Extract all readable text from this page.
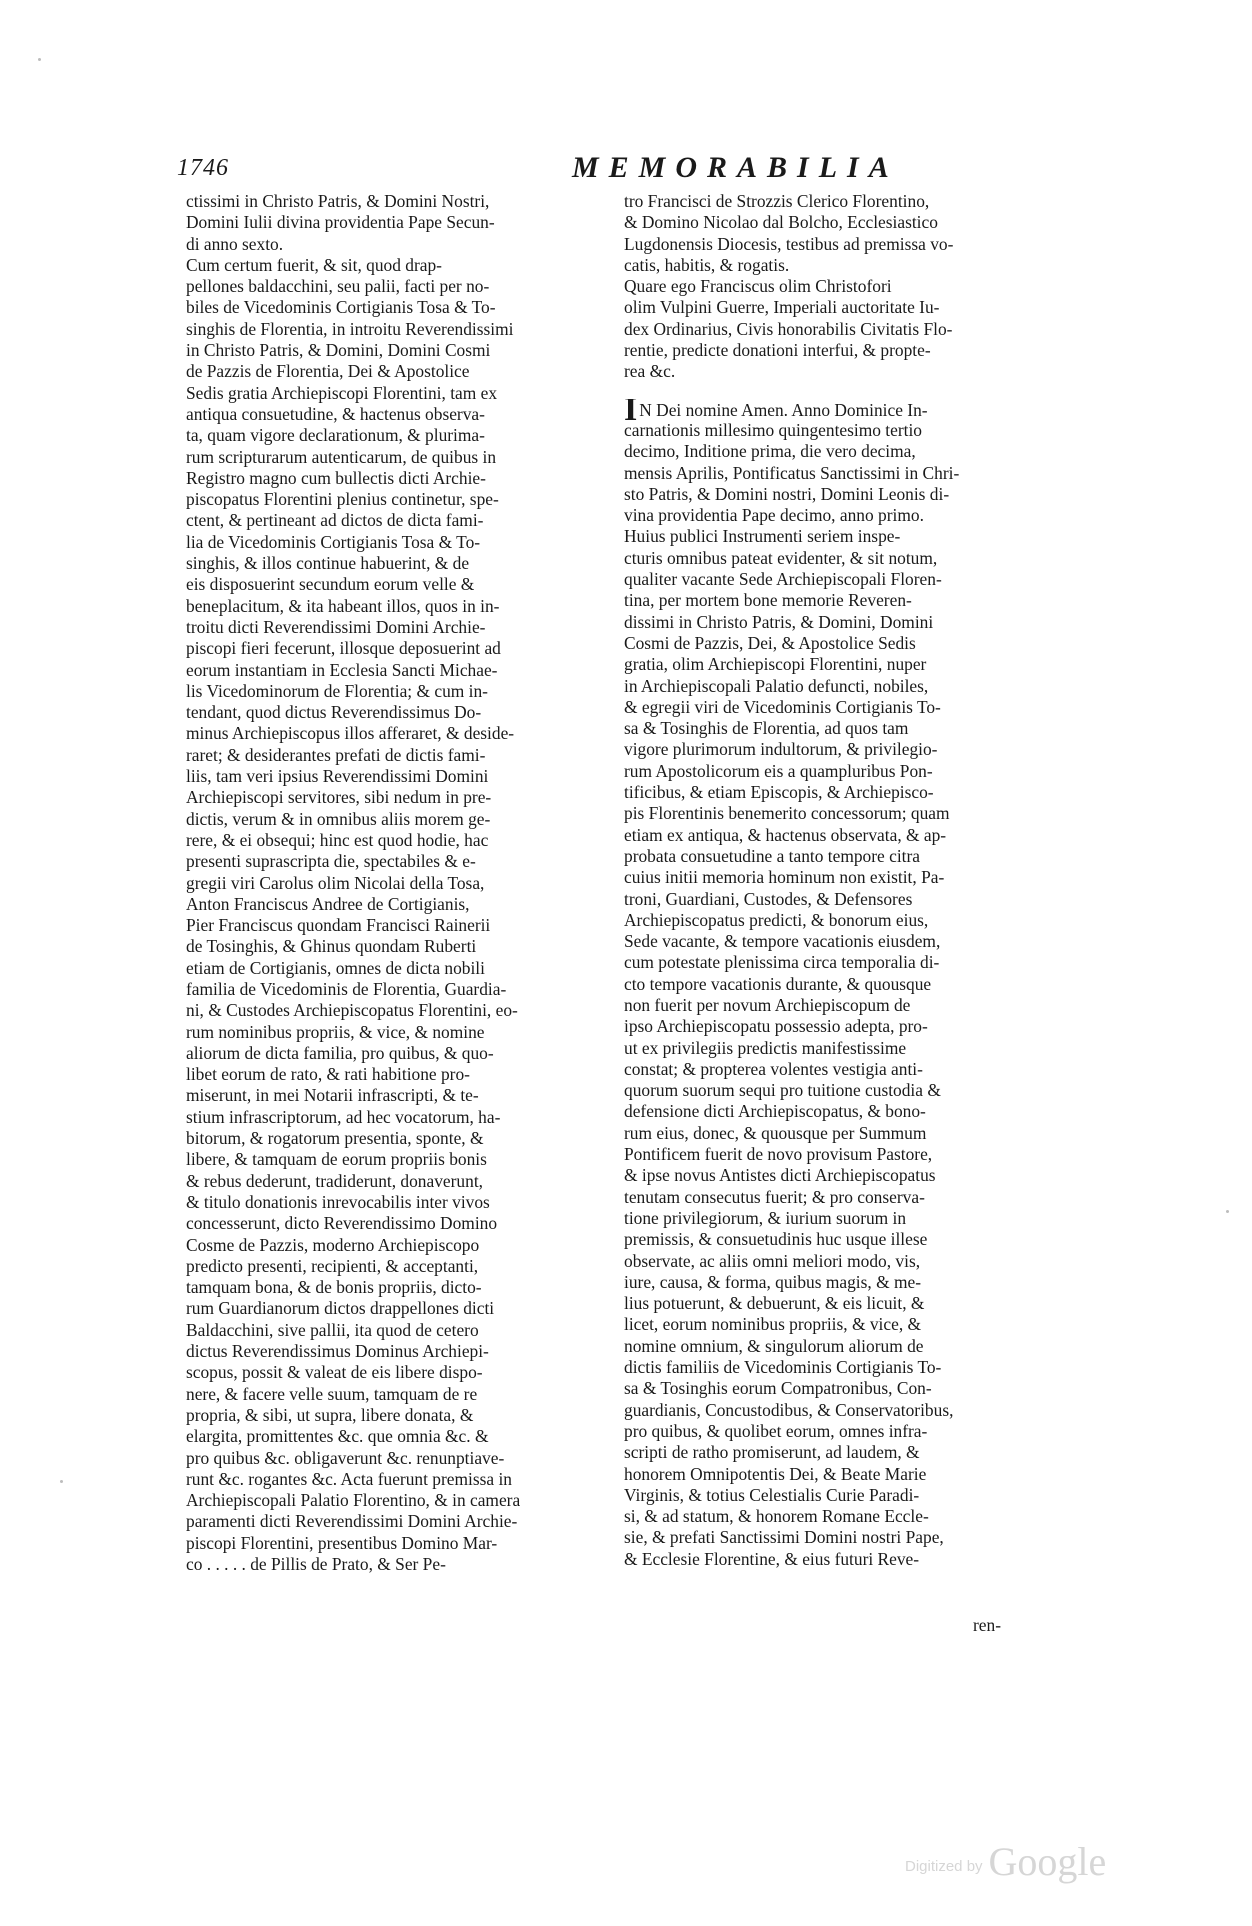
1746	MEMORABILIA
ctissimi in Christo Patris, & Domini Nostri,
Domini Iulii divina providentia Pape Secun-
di anno sexto.
Cum certum fuerit, & sit, quod drap-
pellones baldacchini, seu palii, facti per no-
biles de Vicedominis Cortigianis Tosa & To-
singhis de Florentia, in introitu Reverendissimi
in Christo Patris, & Domini, Domini Cosmi
de Pazzis de Florentia, Dei & Apostolice
Sedis gratia Archiepiscopi Florentini, tam ex
antiqua consuetudine, & hactenus observa-
ta, quam vigore declarationum, & plurima-
rum scripturarum autenticarum, de quibus in
Registro magno cum bullectis dicti Archie-
piscopatus Florentini plenius continetur, spe-
ctent, & pertineant ad dictos de dicta fami-
lia de Vicedominis Cortigianis Tosa & To-
singhis, & illos continue habuerint, & de
eis disposuerint secundum eorum velle &
beneplacitum, & ita habeant illos, quos in in-
troitu dicti Reverendissimi Domini Archie-
piscopi fieri fecerunt, illosque deposuerint ad
eorum instantiam in Ecclesia Sancti Michae-
lis Vicedominorum de Florentia; & cum in-
tendant, quod dictus Reverendissimus Do-
minus Archiepiscopus illos afferaret, & deside-
raret; & desiderantes prefati de dictis fami-
liis, tam veri ipsius Reverendissimi Domini
Archiepiscopi servitores, sibi nedum in pre-
dictis, verum & in omnibus aliis morem ge-
rere, & ei obsequi; hinc est quod hodie, hac
presenti suprascripta die, spectabiles & e-
gregii viri Carolus olim Nicolai della Tosa,
Anton Franciscus Andree de Cortigianis,
Pier Franciscus quondam Francisci Rainerii
de Tosinghis, & Ghinus quondam Ruberti
etiam de Cortigianis, omnes de dicta nobili
familia de Vicedominis de Florentia, Guardia-
ni, & Custodes Archiepiscopatus Florentini, eo-
rum nominibus propriis, & vice, & nomine
aliorum de dicta familia, pro quibus, & quo-
libet eorum de rato, & rati habitione pro-
miserunt, in mei Notarii infrascripti, & te-
stium infrascriptorum, ad hec vocatorum, ha-
bitorum, & rogatorum presentia, sponte, &
libere, & tamquam de eorum propriis bonis
& rebus dederunt, tradiderunt, donaverunt,
& titulo donationis inrevocabilis inter vivos
concesserunt, dicto Reverendissimo Domino
Cosme de Pazzis, moderno Archiepiscopo
predicto presenti, recipienti, & acceptanti,
tamquam bona, & de bonis propriis, dicto-
rum Guardianorum dictos drappellones dicti
Baldacchini, sive pallii, ita quod de cetero
dictus Reverendissimus Dominus Archiepi-
scopus, possit & valeat de eis libere dispo-
nere, & facere velle suum, tamquam de re
propria, & sibi, ut supra, libere donata, &
elargita, promittentes &c. que omnia &c. &
pro quibus &c. obligaverunt &c. renunptiave-
runt &c. rogantes &c. Acta fuerunt premissa in
Archiepiscopali Palatio Florentino, & in camera
paramenti dicti Reverendissimi Domini Archie-
piscopi Florentini, presentibus Domino Mar-
co . . . . . de Pillis de Prato, & Ser Pe-
tro Francisci de Strozzis Clerico Florentino,
& Domino Nicolao dal Bolcho, Ecclesiastico
Lugdonensis Diocesis, testibus ad premissa vo-
catis, habitis, & rogatis.
Quare ego Franciscus olim Christofori
olim Vulpini Guerre, Imperiali auctoritate Iu-
dex Ordinarius, Civis honorabilis Civitatis Flo-
rentie, predicte donationi interfui, & propte-
rea &c.
I N Dei nomine Amen. Anno Dominice In-
carnationis millesimo quingentesimo tertio
decimo, Inditione prima, die vero decima,
mensis Aprilis, Pontificatus Sanctissimi in Chri-
sto Patris, & Domini nostri, Domini Leonis di-
vina providentia Pape decimo, anno primo.
Huius publici Instrumenti seriem inspe-
cturis omnibus pateat evidenter, & sit notum,
qualiter vacante Sede Archiepiscopali Floren-
tina, per mortem bone memorie Reveren-
dissimi in Christo Patris, & Domini, Domini
Cosmi de Pazzis, Dei, & Apostolice Sedis
gratia, olim Archiepiscopi Florentini, nuper
in Archiepiscopali Palatio defuncti, nobiles,
& egregii viri de Vicedominis Cortigianis To-
sa & Tosinghis de Florentia, ad quos tam
vigore plurimorum indultorum, & privilegio-
rum Apostolicorum eis a quampluribus Pon-
tificibus, & etiam Episcopis, & Archiepisco-
pis Florentinis benemerito concessorum; quam
etiam ex antiqua, & hactenus observata, & ap-
probata consuetudine a tanto tempore citra
cuius initii memoria hominum non existit, Pa-
troni, Guardiani, Custodes, & Defensores
Archiepiscopatus predicti, & bonorum eius,
Sede vacante, & tempore vacationis eiusdem,
cum potestate plenissima circa temporalia di-
cto tempore vacationis durante, & quousque
non fuerit per novum Archiepiscopum de
ipso Archiepiscopatu possessio adepta, pro-
ut ex privilegiis predictis manifestissime
constat; & propterea volentes vestigia anti-
quorum suorum sequi pro tuitione custodia &
defensione dicti Archiepiscopatus, & bono-
rum eius, donec, & quousque per Summum
Pontificem fuerit de novo provisum Pastore,
& ipse novus Antistes dicti Archiepiscopatus
tenutam consecutus fuerit; & pro conserva-
tione privilegiorum, & iurium suorum in
premissis, & consuetudinis huc usque illese
observate, ac aliis omni meliori modo, vis,
iure, causa, & forma, quibus magis, & me-
lius potuerunt, & debuerunt, & eis licuit, &
licet, eorum nominibus propriis, & vice, &
nomine omnium, & singulorum aliorum de
dictis familiis de Vicedominis Cortigianis To-
sa & Tosinghis eorum Compatronibus, Con-
guardianis, Concustodibus, & Conservatoribus,
pro quibus, & quolibet eorum, omnes infra-
scripti de ratho promiserunt, ad laudem, &
honorem Omnipotentis Dei, & Beate Marie
Virginis, & totius Celestialis Curie Paradi-
si, & ad statum, & honorem Romane Eccle-
sie, & prefati Sanctissimi Domini nostri Pape,
& Ecclesie Florentine, & eius futuri Reve-
ren-
Digitized by Google
